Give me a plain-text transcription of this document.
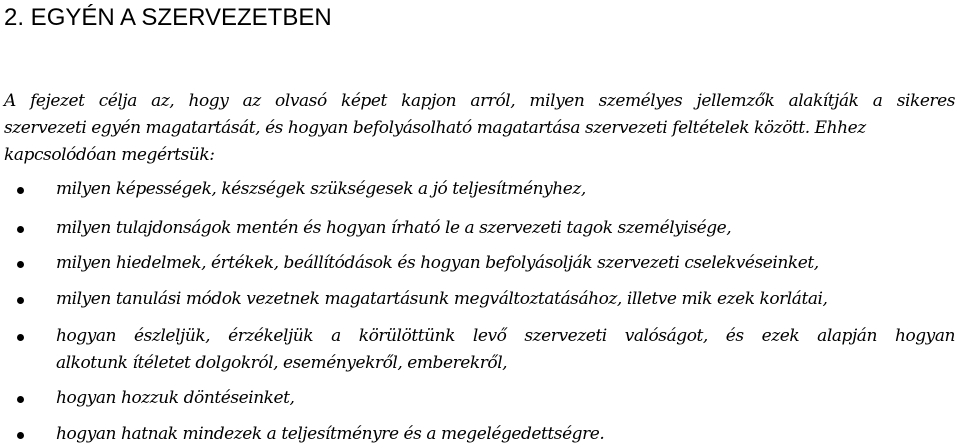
2. EGYÉN A SZERVEZETBEN

A fejezet célja az, hogy az olvasó képet kapjon arról, milyen személyes jellemzők alakítják a sikeres
szervezeti egyén magatartását, és hogyan befolyásolható magatartása szervezeti feltételek között. Ehhez
kapcsolódóan megértsük:

milyen képességek, készségek szükségesek a jó teljesítményhez,
milyen tulajdonságok mentén és hogyan írható le a szervezeti tagok személyisége,
milyen hiedelmek, értékek, beállítódások és hogyan befolyásolják szervezeti cselekvéseinket,
milyen tanulási módok vezetnek magatartásunk megváltoztatásához, illetve mik ezek korlátai,
hogyan észleljük, érzékeljük a körülöttünk levő szervezeti valóságot, és ezek alapján hogyan
alkotunk ítéletet dolgokról, eseményekről, emberekről,
hogyan hozzuk döntéseinket,
hogyan hatnak mindezek a teljesítményre és a megelégedettségre.
